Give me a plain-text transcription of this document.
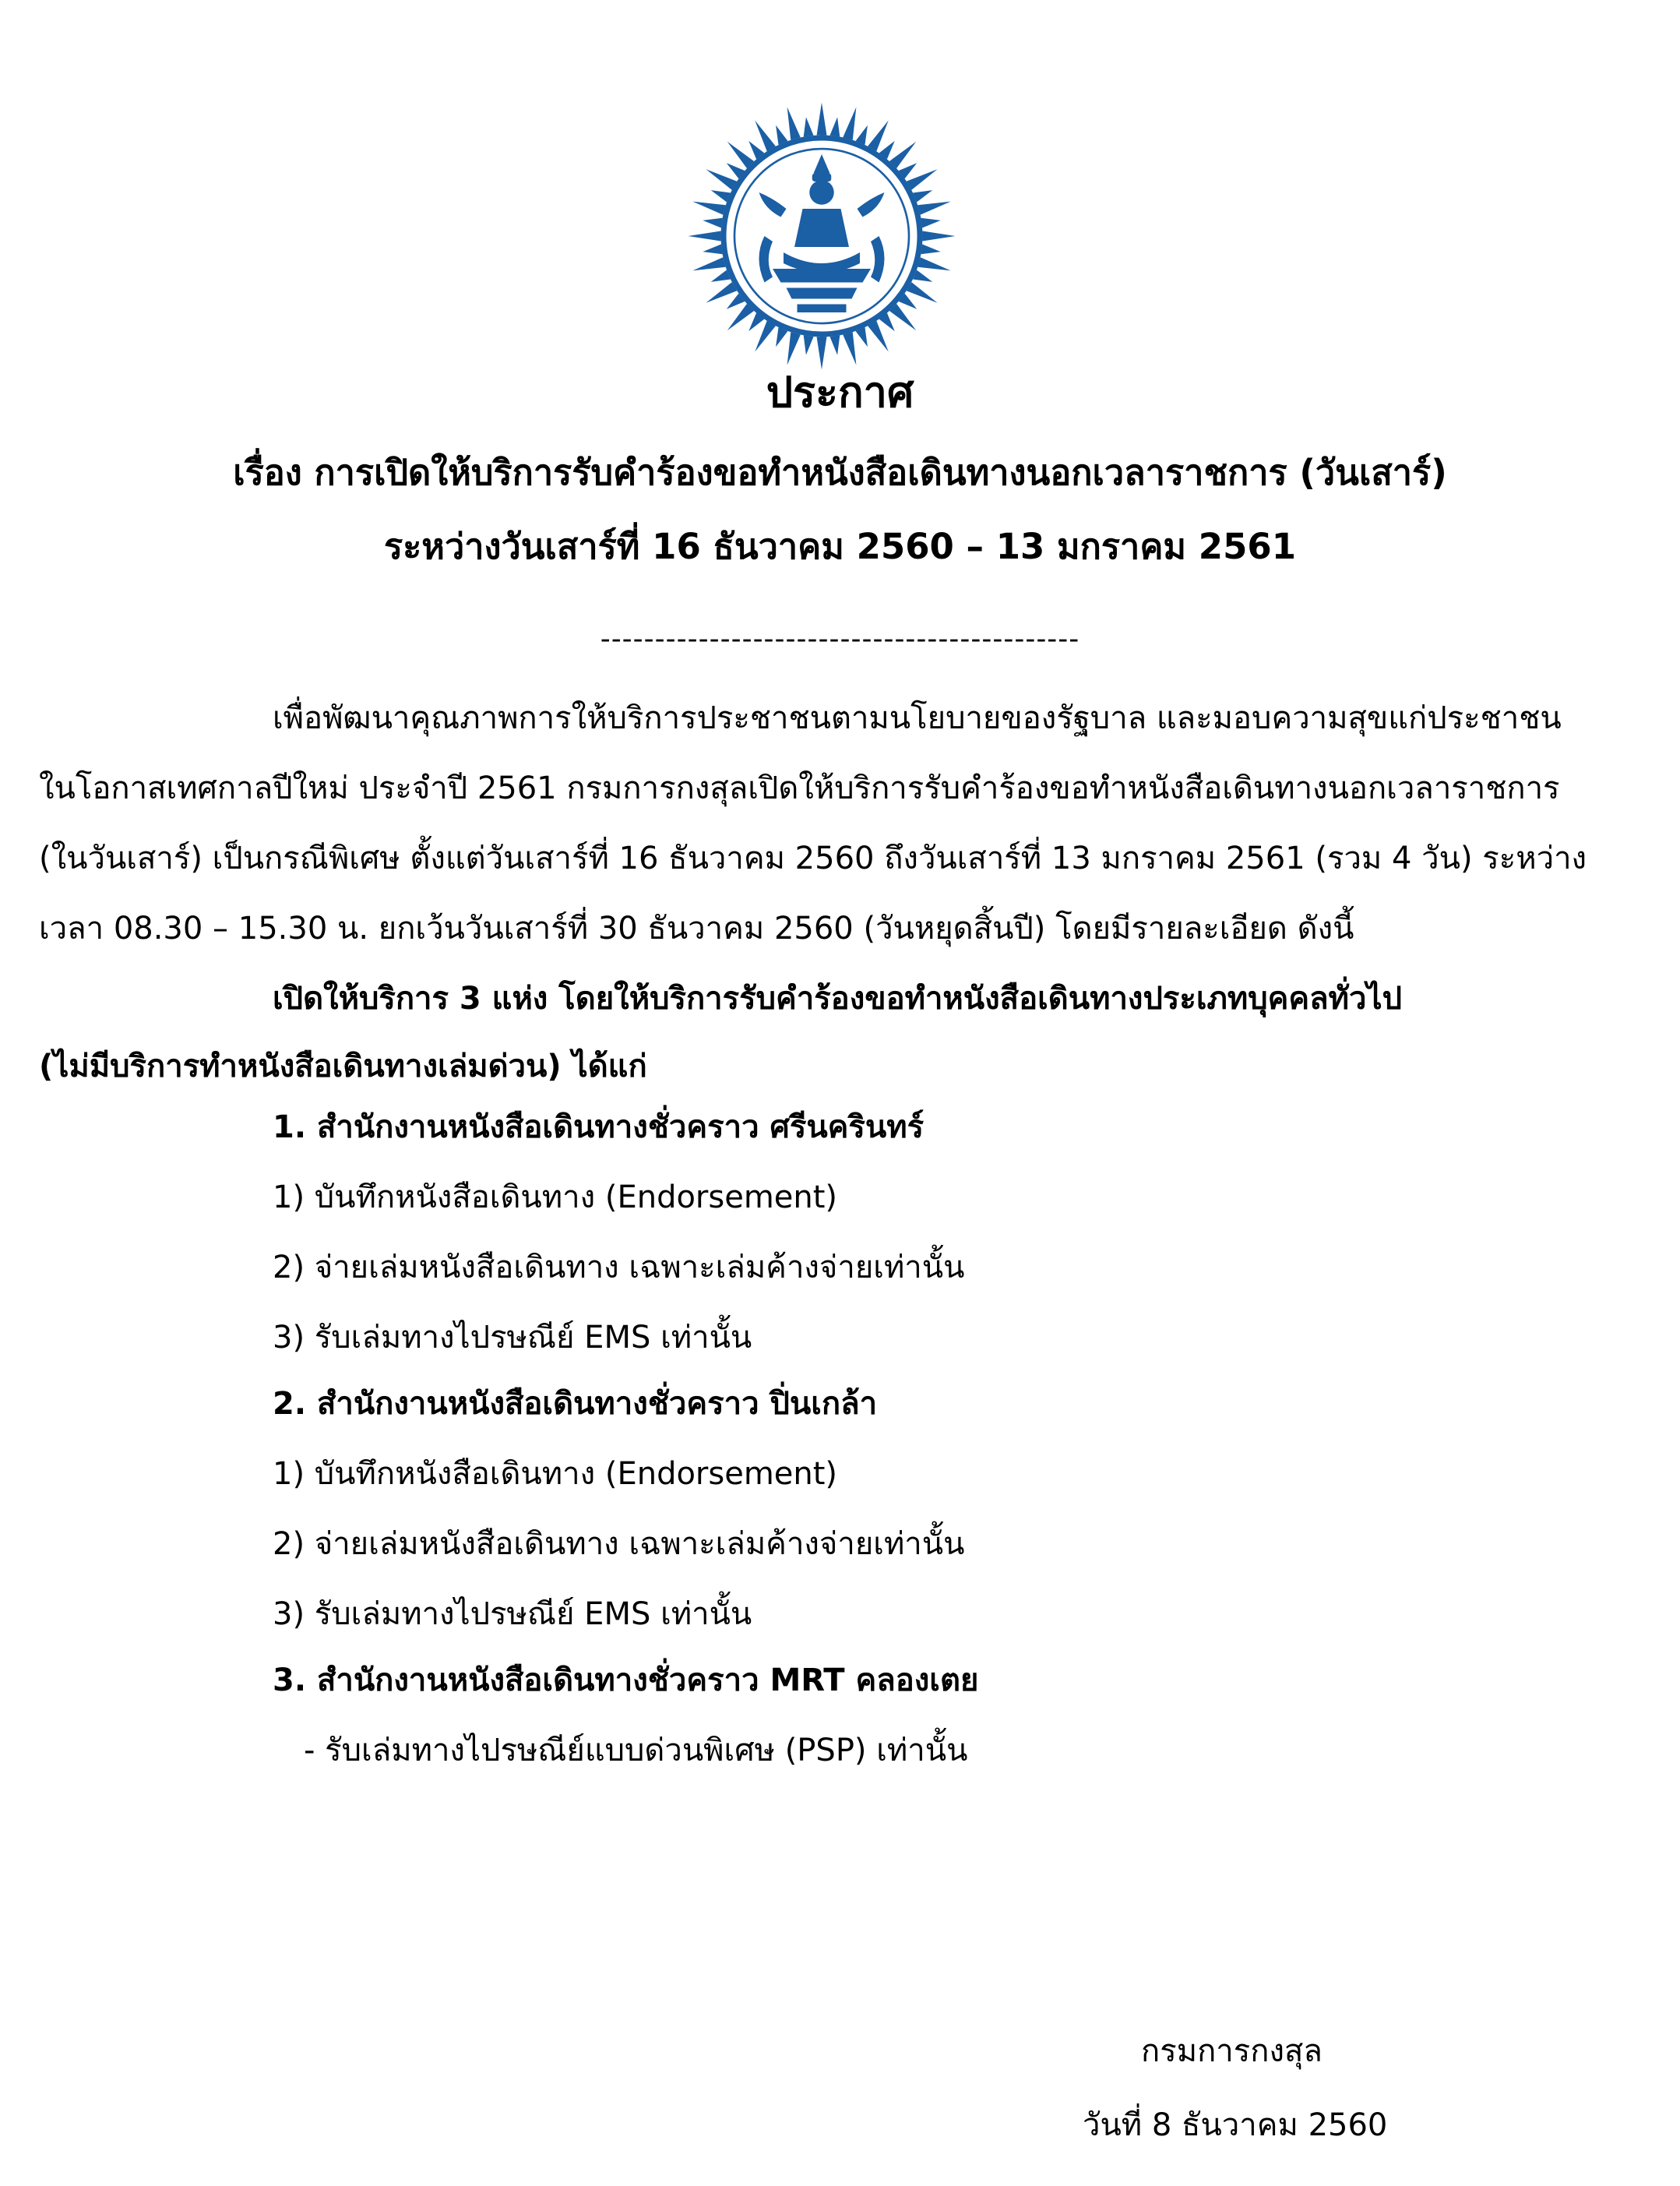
ประกาศ
เรื่อง การเปิดให้บริการรับคำร้องขอทำหนังสือเดินทางนอกเวลาราชการ (วันเสาร์)
ระหว่างวันเสาร์ที่ 16 ธันวาคม 2560 – 13 มกราคม 2561
--------------------------------------------
เพื่อพัฒนาคุณภาพการให้บริการประชาชนตามนโยบายของรัฐบาล และมอบความสุขแก่ประชาชน
ในโอกาสเทศกาลปีใหม่ ประจำปี 2561 กรมการกงสุลเปิดให้บริการรับคำร้องขอทำหนังสือเดินทางนอกเวลาราชการ
(ในวันเสาร์) เป็นกรณีพิเศษ ตั้งแต่วันเสาร์ที่ 16 ธันวาคม 2560 ถึงวันเสาร์ที่ 13 มกราคม 2561 (รวม 4 วัน) ระหว่าง
เวลา 08.30 – 15.30 น. ยกเว้นวันเสาร์ที่ 30 ธันวาคม 2560 (วันหยุดสิ้นปี) โดยมีรายละเอียด ดังนี้
เปิดให้บริการ 3 แห่ง โดยให้บริการรับคำร้องขอทำหนังสือเดินทางประเภทบุคคลทั่วไป
(ไม่มีบริการทำหนังสือเดินทางเล่มด่วน) ได้แก่
1. สำนักงานหนังสือเดินทางชั่วคราว ศรีนครินทร์
1) บันทึกหนังสือเดินทาง (Endorsement)
2) จ่ายเล่มหนังสือเดินทาง เฉพาะเล่มค้างจ่ายเท่านั้น
3) รับเล่มทางไปรษณีย์ EMS เท่านั้น
2. สำนักงานหนังสือเดินทางชั่วคราว ปิ่นเกล้า
1) บันทึกหนังสือเดินทาง (Endorsement)
2) จ่ายเล่มหนังสือเดินทาง เฉพาะเล่มค้างจ่ายเท่านั้น
3) รับเล่มทางไปรษณีย์ EMS เท่านั้น
3. สำนักงานหนังสือเดินทางชั่วคราว MRT คลองเตย
- รับเล่มทางไปรษณีย์แบบด่วนพิเศษ (PSP) เท่านั้น
กรมการกงสุล
วันที่ 8 ธันวาคม 2560
